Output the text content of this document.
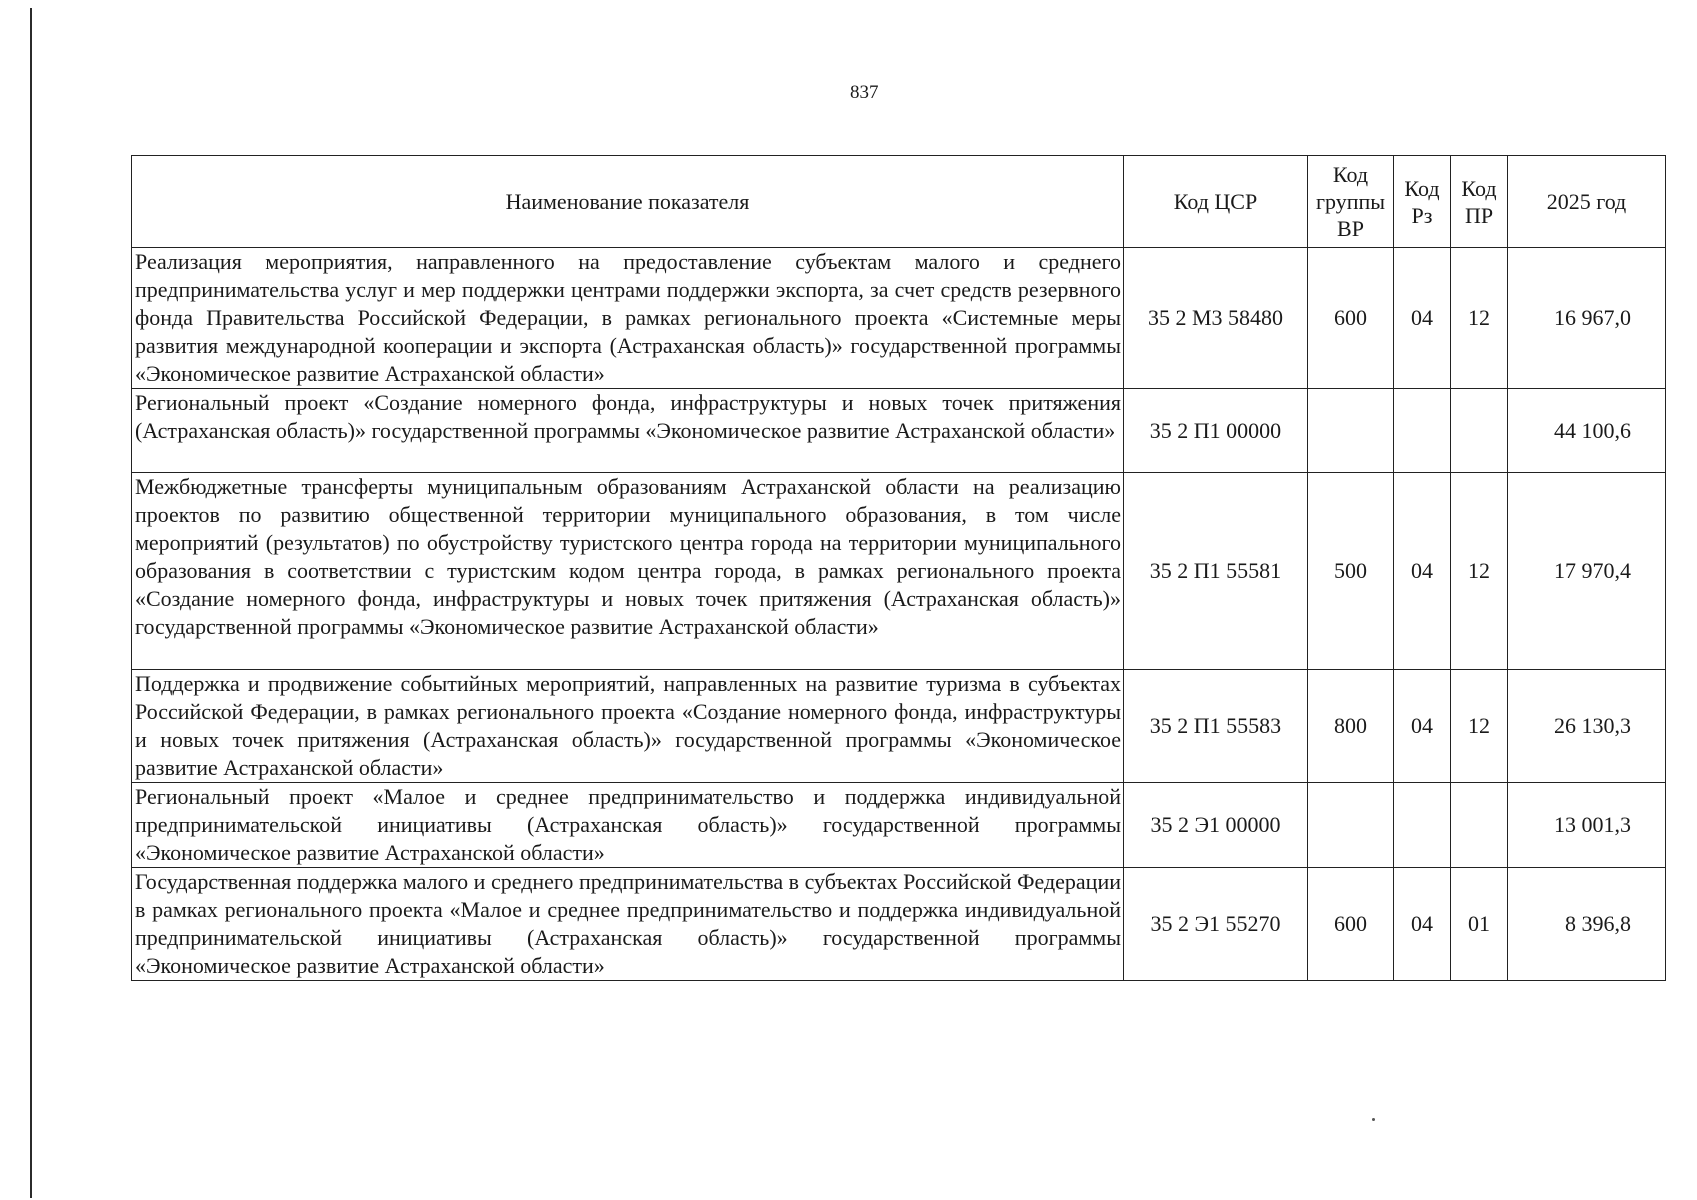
837
Наименование показателя	Код ЦСР	Код группы ВР	Код Рз	Код ПР	2025 год
Реализация мероприятия, направленного на предоставление субъектам малого и среднего предпринимательства услуг и мер поддержки центрами поддержки экспорта, за счет средств резервного фонда Правительства Российской Федерации, в рамках регионального проекта «Системные меры развития международной кооперации и экспорта (Астраханская область)» государственной программы «Экономическое развитие Астраханской области»	35 2 М3 58480	600	04	12	16 967,0
Региональный проект «Создание номерного фонда, инфраструктуры и новых точек притяжения (Астраханская область)» государственной программы «Экономическое развитие Астраханской области»	35 2 П1 00000				44 100,6
Межбюджетные трансферты муниципальным образованиям Астраханской области на реализацию проектов по развитию общественной территории муниципального образования, в том числе мероприятий (результатов) по обустройству туристского центра города на территории муниципального образования в соответствии с туристским кодом центра города, в рамках регионального проекта «Создание номерного фонда, инфраструктуры и новых точек притяжения (Астраханская область)» государственной программы «Экономическое развитие Астраханской области»	35 2 П1 55581	500	04	12	17 970,4
Поддержка и продвижение событийных мероприятий, направленных на развитие туризма в субъектах Российской Федерации, в рамках регионального проекта «Создание номерного фонда, инфраструктуры и новых точек притяжения (Астраханская область)» государственной программы «Экономическое развитие Астраханской области»	35 2 П1 55583	800	04	12	26 130,3
Региональный проект «Малое и среднее предпринимательство и поддержка индивидуальной предпринимательской инициативы (Астраханская область)» государственной программы «Экономическое развитие Астраханской области»	35 2 Э1 00000				13 001,3
Государственная поддержка малого и среднего предпринимательства в субъектах Российской Федерации в рамках регионального проекта «Малое и среднее предпринимательство и поддержка индивидуальной предпринимательской инициативы (Астраханская область)» государственной программы «Экономическое развитие Астраханской области»	35 2 Э1 55270	600	04	01	8 396,8
